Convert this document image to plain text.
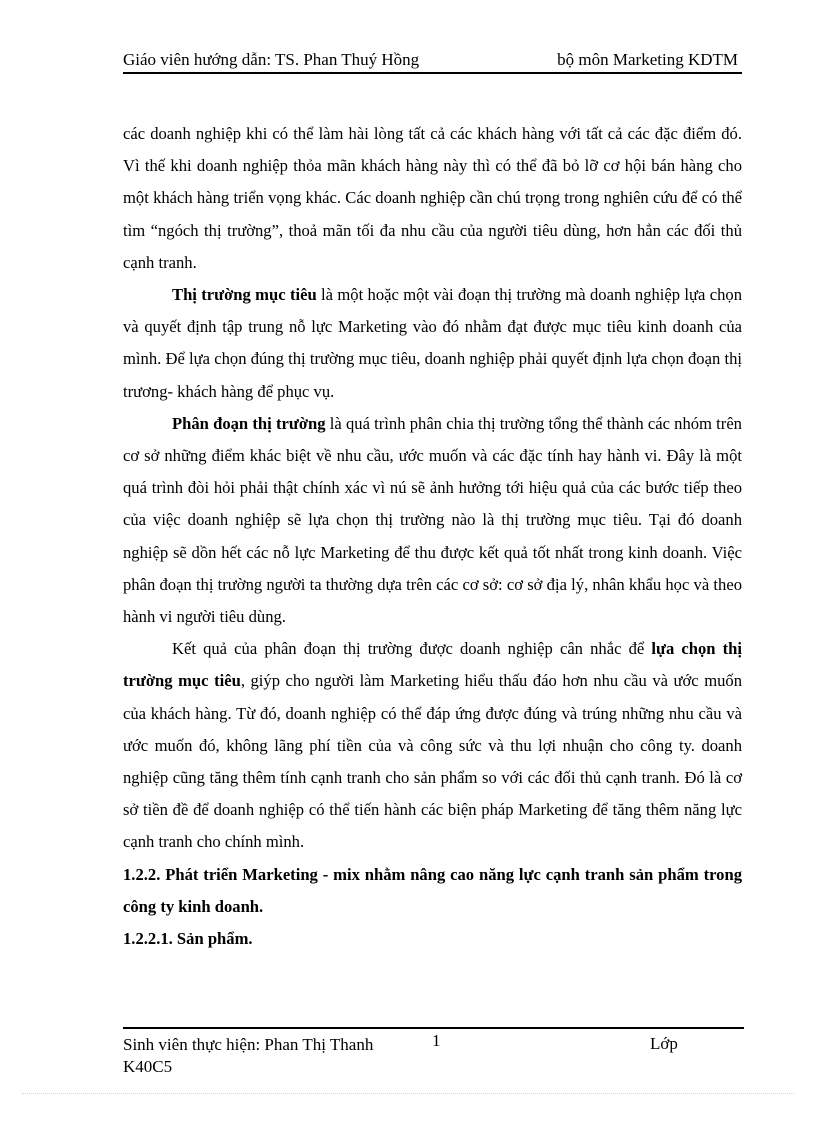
Giáo viên hướng dẫn: TS. Phan Thuý Hồng	bộ môn Marketing KDTM

các doanh nghiệp khi có thể làm hài lòng tất cả các khách hàng với tất cả các đặc điểm đó. Vì thế khi doanh nghiệp thỏa mãn khách hàng này thì có thể đã bỏ lỡ cơ hội bán hàng cho một khách hàng triển vọng khác. Các doanh nghiệp cần chú trọng trong nghiên cứu để có thể tìm “ngóch thị trường”, thoả mãn tối đa nhu cầu của người tiêu dùng, hơn hẳn các đối thủ cạnh tranh.

Thị trường mục tiêu là một hoặc một vài đoạn thị trường mà doanh nghiệp lựa chọn và quyết định tập trung nỗ lực Marketing vào đó nhằm đạt được mục tiêu kinh doanh của mình. Để lựa chọn đúng thị trường mục tiêu, doanh nghiệp phải quyết định lựa chọn đoạn thị trương- khách hàng để phục vụ.

Phân đoạn thị trường là quá trình phân chia thị trường tổng thể thành các nhóm trên cơ sở những điểm khác biệt về nhu cầu, ước muốn và các đặc tính hay hành vi. Đây là một quá trình đòi hỏi phải thật chính xác vì nú sẽ ảnh hưởng tới hiệu quả của các bước tiếp theo của việc doanh nghiệp sẽ lựa chọn thị trường nào là thị trường mục tiêu. Tại đó doanh nghiệp sẽ dồn hết các nỗ lực Marketing để thu được kết quả tốt nhất trong kinh doanh. Việc phân đoạn thị trường người ta thường dựa trên các cơ sở: cơ sở địa lý, nhân khẩu học và theo hành vi người tiêu dùng.

Kết quả của phân đoạn thị trường được doanh nghiệp cân nhắc để lựa chọn thị trường mục tiêu, giýp cho người làm Marketing hiểu thấu đáo hơn nhu cầu và ước muốn của khách hàng. Từ đó, doanh nghiệp có thể đáp ứng được đúng và trúng những nhu cầu và ước muốn đó, không lãng phí tiền của và công sức và thu lợi nhuận cho công ty. doanh nghiệp cũng tăng thêm tính cạnh tranh cho sản phẩm so với các đối thủ cạnh tranh. Đó là cơ sở tiền đề để doanh nghiệp có thể tiến hành các biện pháp Marketing để tăng thêm năng lực cạnh tranh cho chính mình.

1.2.2. Phát triển Marketing - mix nhằm nâng cao năng lực cạnh tranh sản phẩm trong công ty kinh doanh.

1.2.2.1. Sản phẩm.

Sinh viên thực hiện: Phan Thị Thanh
K40C5
1	Lớp
